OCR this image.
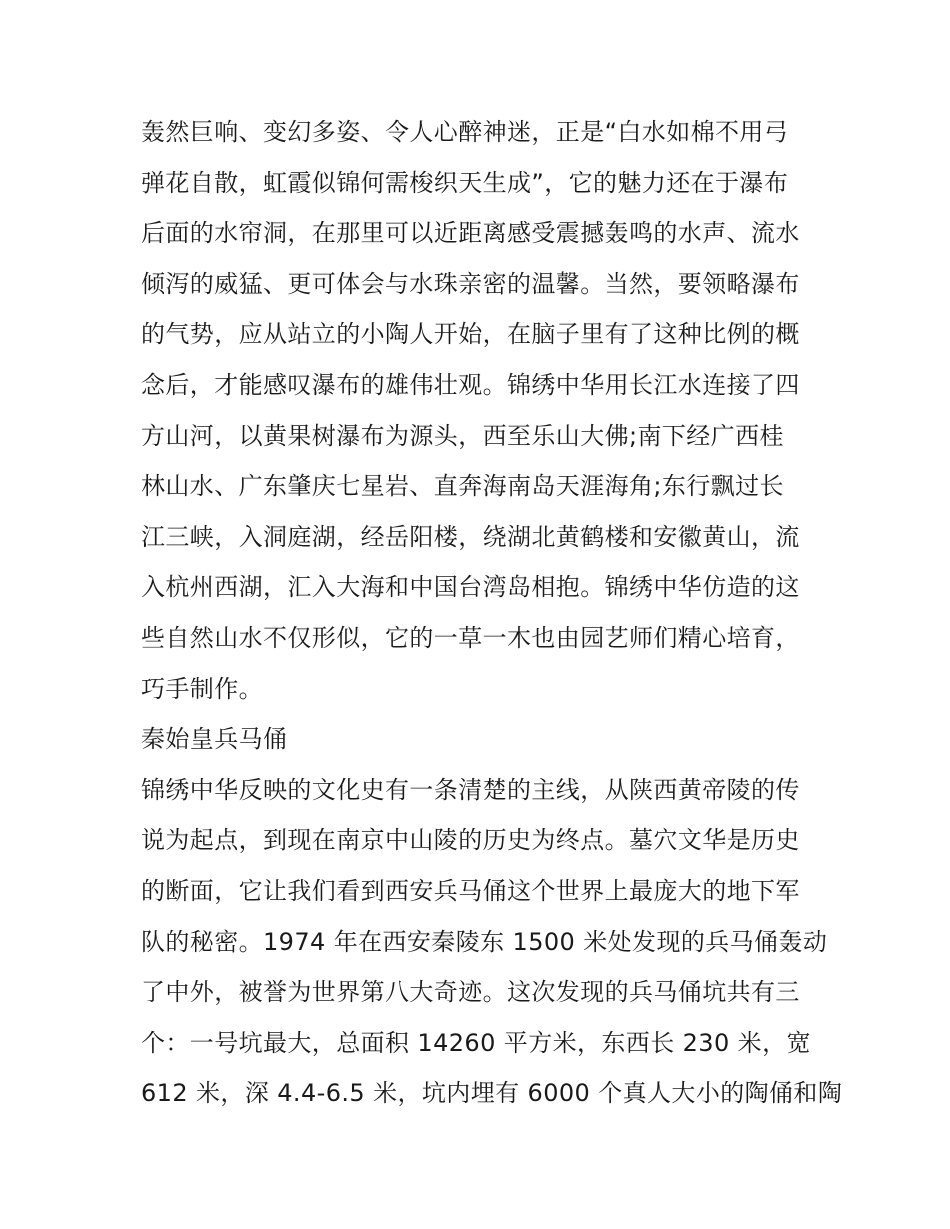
轰然巨响、变幻多姿、令人心醉神迷，正是“白水如棉不用弓
弹花自散，虹霞似锦何需梭织天生成”，它的魅力还在于瀑布
后面的水帘洞，在那里可以近距离感受震撼轰鸣的水声、流水
倾泻的威猛、更可体会与水珠亲密的温馨。当然，要领略瀑布
的气势，应从站立的小陶人开始，在脑子里有了这种比例的概
念后，才能感叹瀑布的雄伟壮观。锦绣中华用长江水连接了四
方山河，以黄果树瀑布为源头，西至乐山大佛;南下经广西桂
林山水、广东肇庆七星岩、直奔海南岛天涯海角;东行飘过长
江三峡，入洞庭湖，经岳阳楼，绕湖北黄鹤楼和安徽黄山，流
入杭州西湖，汇入大海和中国台湾岛相抱。锦绣中华仿造的这
些自然山水不仅形似，它的一草一木也由园艺师们精心培育，
巧手制作。
秦始皇兵马俑
锦绣中华反映的文化史有一条清楚的主线，从陕西黄帝陵的传
说为起点，到现在南京中山陵的历史为终点。墓穴文华是历史
的断面，它让我们看到西安兵马俑这个世界上最庞大的地下军
队的秘密。1974 年在西安秦陵东 1500 米处发现的兵马俑轰动
了中外，被誉为世界第八大奇迹。这次发现的兵马俑坑共有三
个：一号坑最大，总面积 14260 平方米，东西长 230 米，宽
612 米，深 4.4-6.5 米，坑内埋有 6000 个真人大小的陶俑和陶
